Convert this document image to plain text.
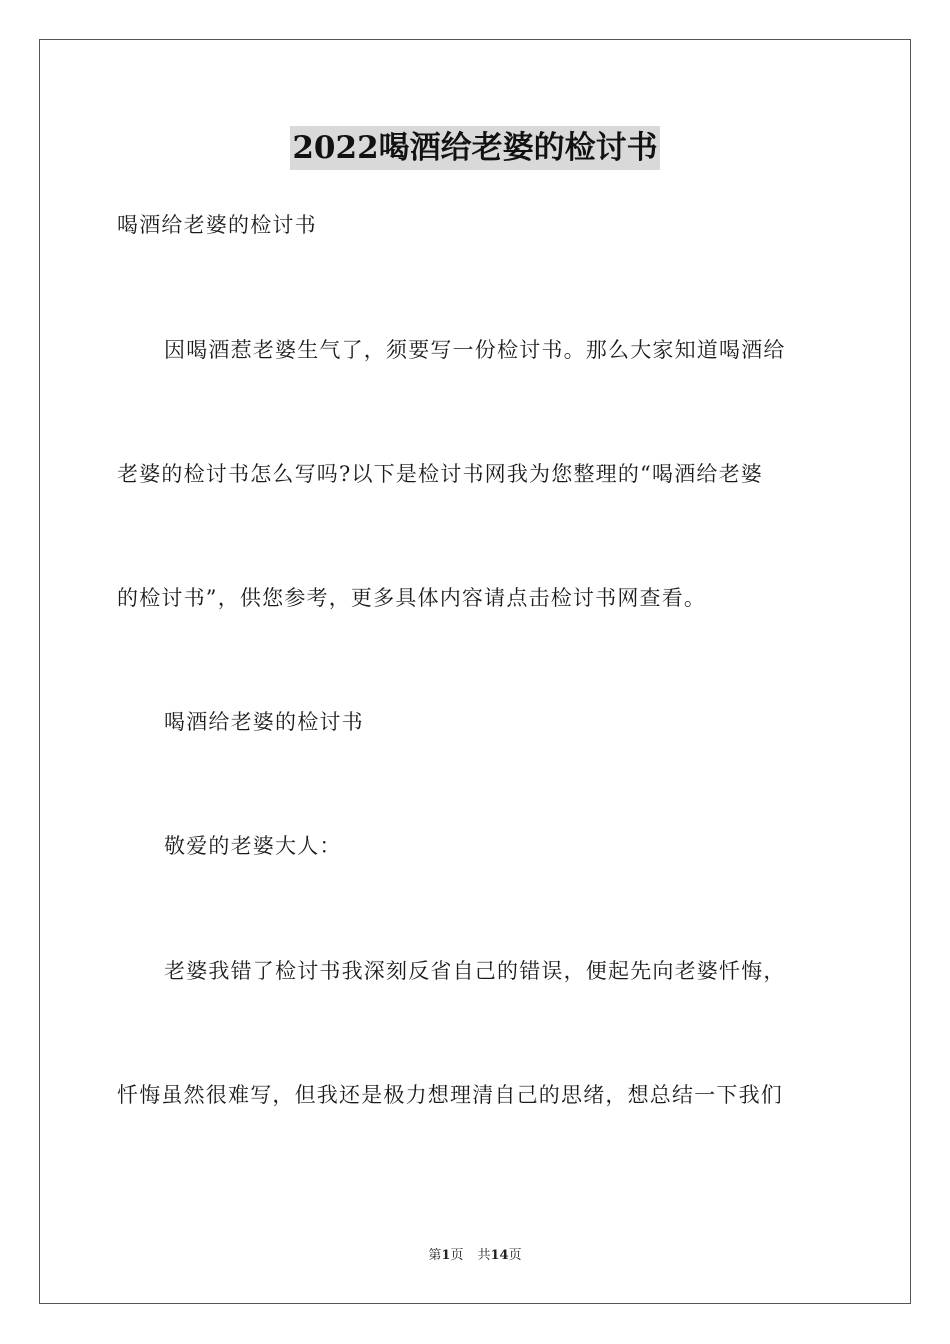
2022喝酒给老婆的检讨书
喝酒给老婆的检讨书
因喝酒惹老婆生气了，须要写一份检讨书。那么大家知道喝酒给
老婆的检讨书怎么写吗?以下是检讨书网我为您整理的“喝酒给老婆
的检讨书”，供您参考，更多具体内容请点击检讨书网查看。
喝酒给老婆的检讨书
敬爱的老婆大人：
老婆我错了检讨书我深刻反省自己的错误，便起先向老婆忏悔，
忏悔虽然很难写，但我还是极力想理清自己的思绪，想总结一下我们
第1页 共14页
